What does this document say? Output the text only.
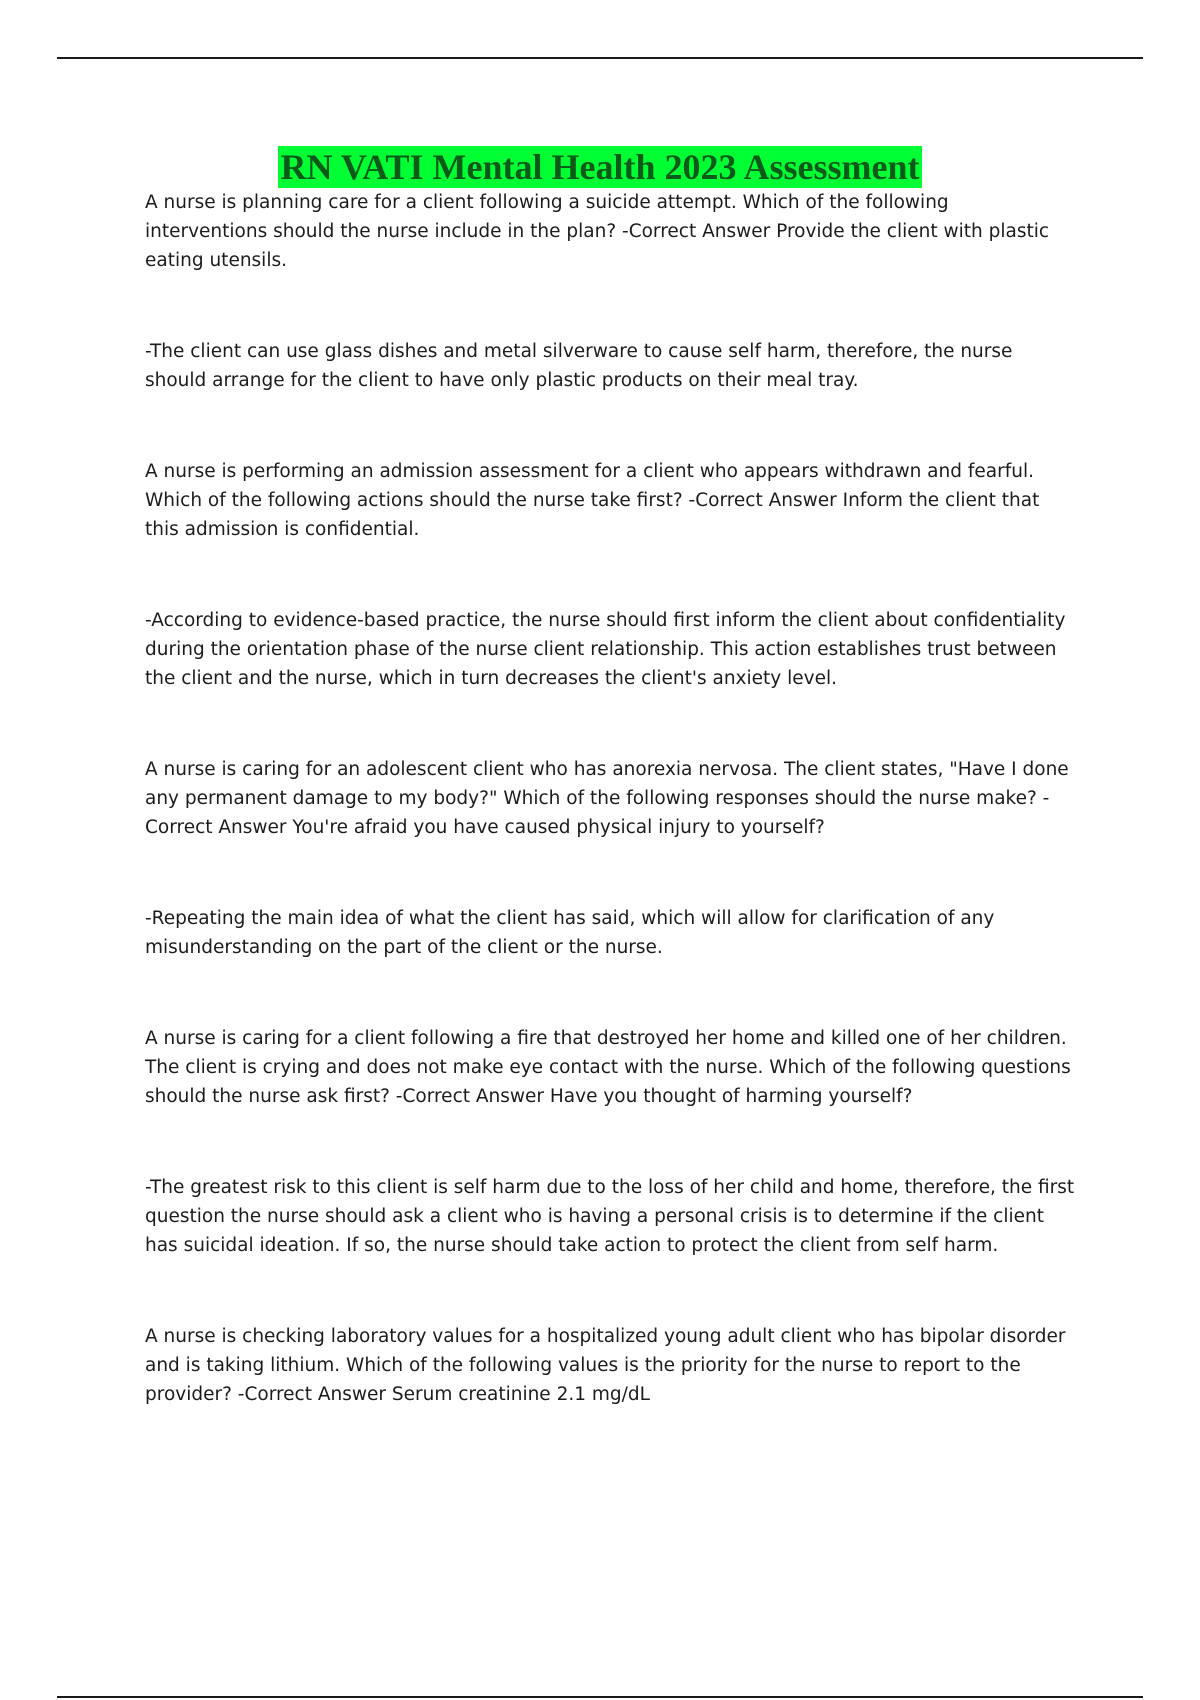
RN VATI Mental Health 2023 Assessment

A nurse is planning care for a client following a suicide attempt. Which of the following interventions should the nurse include in the plan? -Correct Answer Provide the client with plastic eating utensils.

-The client can use glass dishes and metal silverware to cause self harm, therefore, the nurse should arrange for the client to have only plastic products on their meal tray.

A nurse is performing an admission assessment for a client who appears withdrawn and fearful. Which of the following actions should the nurse take first? -Correct Answer Inform the client that this admission is confidential.

-According to evidence-based practice, the nurse should first inform the client about confidentiality during the orientation phase of the nurse client relationship. This action establishes trust between the client and the nurse, which in turn decreases the client's anxiety level.

A nurse is caring for an adolescent client who has anorexia nervosa. The client states, "Have I done any permanent damage to my body?" Which of the following responses should the nurse make? -Correct Answer You're afraid you have caused physical injury to yourself?

-Repeating the main idea of what the client has said, which will allow for clarification of any misunderstanding on the part of the client or the nurse.

A nurse is caring for a client following a fire that destroyed her home and killed one of her children. The client is crying and does not make eye contact with the nurse. Which of the following questions should the nurse ask first? -Correct Answer Have you thought of harming yourself?

-The greatest risk to this client is self harm due to the loss of her child and home, therefore, the first question the nurse should ask a client who is having a personal crisis is to determine if the client has suicidal ideation. If so, the nurse should take action to protect the client from self harm.

A nurse is checking laboratory values for a hospitalized young adult client who has bipolar disorder and is taking lithium. Which of the following values is the priority for the nurse to report to the provider? -Correct Answer Serum creatinine 2.1 mg/dL
